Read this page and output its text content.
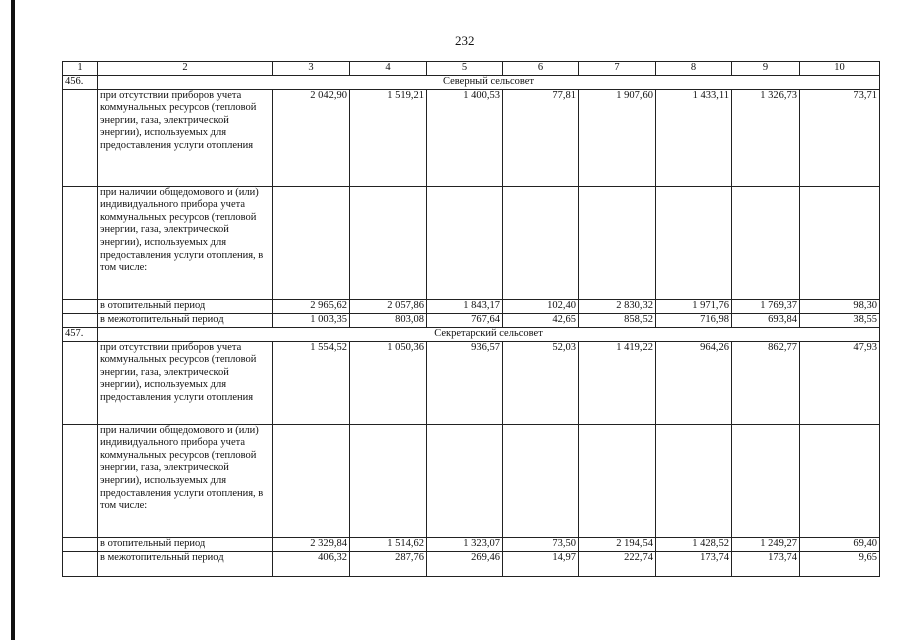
232
1	2	3	4	5	6	7	8	9	10
456.	Северный сельсовет								
	при отсутствии приборов учета коммунальных ресурсов (тепловой энергии, газа, электрической энергии), используемых для предоставления услуги отопления	2 042,90	1 519,21	1 400,53	77,81	1 907,60	1 433,11	1 326,73	73,71
	при наличии общедомового и (или) индивидуального прибора учета коммунальных ресурсов (тепловой энергии, газа, электрической энергии), используемых для предоставления услуги отопления, в том числе:								
	в отопительный период	2 965,62	2 057,86	1 843,17	102,40	2 830,32	1 971,76	1 769,37	98,30
	в межотопительный период	1 003,35	803,08	767,64	42,65	858,52	716,98	693,84	38,55
457.	Секретарский сельсовет								
	при отсутствии приборов учета коммунальных ресурсов (тепловой энергии, газа, электрической энергии), используемых для предоставления услуги отопления	1 554,52	1 050,36	936,57	52,03	1 419,22	964,26	862,77	47,93
	при наличии общедомового и (или) индивидуального прибора учета коммунальных ресурсов (тепловой энергии, газа, электрической энергии), используемых для предоставления услуги отопления, в том числе:								
	в отопительный период	2 329,84	1 514,62	1 323,07	73,50	2 194,54	1 428,52	1 249,27	69,40
	в межотопительный период	406,32	287,76	269,46	14,97	222,74	173,74	173,74	9,65
